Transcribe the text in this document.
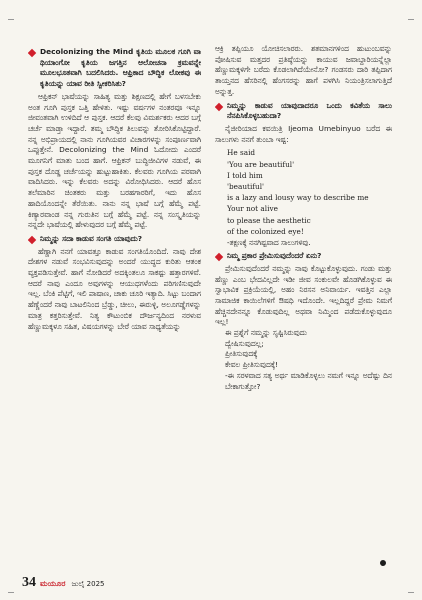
Decolonizing the Mind ಕೃತಿಯ ಮೂಲಕ ಗೂಗಿ ವಾ ಥಿಯಾಂಗೋ ಕೃತಿಯ ಜಗತ್ತಿನ ಆಲೋಚನಾ ಕ್ರಮವನ್ನೇ ಮೂಲಭೂತವಾಗಿ ಬದಲಿಸಿದರು. ಆಫ್ರಿಕಾದ ಬೌದ್ಧಿಕ ಲೋಕವು ಈ ಕೃತಿಯನ್ನು ಯಾವ ರೀತಿ ಸ್ವೀಕರಿಸಿತು?

ಆಫ್ರಿಕನ್ ಭಾಷೆಯನ್ನು ಸಾಹಿತ್ಯ ಮತ್ತು ಶಿಕ್ಷಣದಲ್ಲಿ ಹೇಗೆ ಬಳಸಬೇಕು ಅಂತ ಗೂಗಿ ಪುಸ್ತಕ ಒತ್ತಿ ಹೇಳಿತು. ಇಷ್ಟು ವರ್ಷಗಳ ನಂತರವೂ ಇನ್ನೂ ಜೀವಂತವಾಗಿ ಉಳಿದಿದೆ ಆ ಪುಸ್ತಕ. ಆದರೆ ಕೆಲವು ವಿಮರ್ಶಕರು ಆದರ ಬಗ್ಗೆ ಚರ್ಚೆ ಮಾಡ್ತಾ ಇದ್ದಾರೆ. ತಮ್ಮ ಬೌದ್ಧಿಕ ತಿಲುವನ್ನು ತೋರಿಸಿಕೊಟ್ಟಿದ್ದಾರೆ. ನನ್ನ ಅಭಿಪ್ರಾಯದಲ್ಲಿ ನಾನು ಗೂಗಿಯವರ ವಿಚಾರಗಳನ್ನು ಸಂಪೂರ್ಣವಾಗಿ ಒಪ್ಪುತ್ತೇನೆ. Decolonizing the Mind ಓದೋದು ಎಂದರೆ ಮೂಗನಿಗೆ ಮಾತು ಬಂದ ಹಾಗೆ. ಆಫ್ರಿಕನ್ ಬುದ್ಧಿಜೀವಿಗಳ ನಡುವೆ, ಈ ಪುಸ್ತಕ ದೊಡ್ಡ ಚರ್ಚೆಯನ್ನು ಹುಟ್ಟುಹಾಕಿತು. ಕೆಲವರು ಗೂಗಿಯ ಪರವಾಗಿ ವಾದಿಸಿದರು. ಇನ್ನು ಕೆಲವರು ಅದನ್ನು ವಿರೋಧಿಸಿದರು. ಆದರೆ ಹೊಸ ತಲೆಮಾರಿನ ಚಿಂತಕರು ಮತ್ತು ಬರಹಗಾರರಿಗೆ, ಇದು ಹೊಸ ಹಾದಿಯೊಂದನ್ನೇ ತೆರೆಯಿತು. ನಾನು ನನ್ನ ಭಾಷೆ ಬಗ್ಗೆ ಹೆಮ್ಮೆ ಪಟ್ಟೆ. ಕಿಣ್ಯಾರವಾಂಡ ನನ್ನ ಗುರುತಿನ ಬಗ್ಗೆ ಹೆಮ್ಮೆ ಪಟ್ಟೆ. ನನ್ನ ಸಂಸ್ಕೃತಿಯನ್ನು ನನ್ನದೇ ಭಾಷೆಯಲ್ಲಿ ಹೇಳುವುದರ ಬಗ್ಗೆ ಹೆಮ್ಮೆ ಪಟ್ಟೆ.

ನಿಮ್ಮನ್ನು ಸದಾ ಕಾಡುವ ಸಂಗತಿ ಯಾವುದು?

ಹೆಣ್ಣಾಗಿ ನನಗೆ ಯಾವತ್ತೂ ಕಾಡುವ ಸಂಗತಿಯೊಂದಿದೆ. ನಾವು ದೇಶ ದೇಶಗಳ ನಡುವೆ ಸಂಭವಿಸುವುದನ್ನು ಅಂದರೆ ಯುದ್ಧದ ಕುರಿತು ಆತಂಕ ವ್ಯಕ್ತಪಡಿಸುತ್ತೇವೆ. ಹಾಗೆ ನೋಡಿದರೆ ಅದಕ್ಕಿಂತಲೂ ಸಾಕಷ್ಟು ಹತ್ತಾರಗಳಿವೆ. ಆದರೆ ನಾವು ಎಂದೂ ಅವುಗಳನ್ನು ಆಯುಧಗಳೆಂದು ಪರಿಗಣಿಸುವುದೇ ಇಲ್ಲ. ಬೆಂಕಿ ಪೆಟ್ಟಿಗೆ, ಇಲಿ ಪಾಷಾಣ, ಚಾಕು ಚೂರಿ ಇತ್ಯಾದಿ. ಸಿಟ್ಟು ಬಂದಾಗ ಹೆಣ್ಣೆಂದರೆ ನಾವು ಬಾಟಲಿನಿಂದ ಬ್ರೆಡ್ಡು, ಚೀಲು, ಈರುಳ್ಳಿ, ಅಲೂಗಡ್ಡೆಗಳನ್ನು ಮಾತ್ರ ಕತ್ತರಿಸುತ್ತೇವೆ. ನಿತ್ಯ ಕೌಟುಂಬಿಕ ದೌರ್ಜನ್ಯದಿಂದ ನರಳುವ ಹೆಣ್ಣುಮಕ್ಕಳೂ ಸಹಿತ, ವಿಷಯಗಳನ್ನು ಬೇರೆ ಯಾವ ಸಾಧ್ಯತೆಯನ್ನು

ಆಕ್ರಿ ತಪ್ಪಿಯೂ ಯೋಚಿಸಲಾರರು. ಶತಮಾನಗಳಿಂದ ಹುಟುಂಬವನ್ನು ಪೋಷಿಸುವ ಮತ್ತದರ ಪ್ರತಿಷ್ಠೆಯನ್ನು ಕಾಯುವ ಜವಾಬ್ದಾರಿಯನ್ನೆಲ್ಲಾ ಹೆಣ್ಣುಮಕ್ಕಳಿಗೇ ಬರೆದು ಕೊಡಲಾಗಿದೆಯೇನೋ? ಗಂಡಸರು ದಾರಿ ತಪ್ಪಿದಾಗ ತಾಯ್ತನದ ಹೆಸರಿನಲ್ಲಿ ಹೆಂಗಸರನ್ನು ಹಾಗೆ ಪಳಗಿಸಿ ನಿಯಂತ್ರಿಸಲಾಗುತ್ತಿದೆ ಅನ್ನುತ್ತ.

ನಿಮ್ಮನ್ನು ಕಾಡುವ ಯಾವುದಾದರೂ ಒಂದು ಕವಿತೆಯ ಸಾಲು ನೆನಪಿಸಿಕೊಳ್ಳಬಹುದಾ?

ನೈಜೀರಿಯಾದ ಕವಯಿತ್ರಿ Ijeoma Umebinyuo ಬರೆದ ಈ ಸಾಲುಗಳು ನನಗೆ ತುಂಬಾ ಇಷ್ಟ:

He said
'You are beautiful'
I told him
'beautiful'
is a lazy and lousy way to describe me
Your not alive
to please the aesthetic
of the colonized eye!
-ತಕ್ಷಣಕ್ಕೆ ನನಗಿಷ್ಟವಾದ ಸಾಲುಗಳಿವು.
ನಿಮ್ಮ ಪ್ರಕಾರ ಪ್ರೇಮಿಸುವುದೆಂದರೆ ಏನು?

ಪ್ರೇಮಿಸುವುದೆಂದರೆ ನಮ್ಮನ್ನು ನಾವು ಕೊಟ್ಟುಕೊಳ್ಳುವುದು. ಗಂಡು ಮತ್ತು ಹೆಣ್ಣು ಎಂಬ ಭೇದವಿಲ್ಲದೇ ಇಡೀ ಜೀವ ಸಂಕುಲವೇ ಹೊಡಗಿಕೊಳ್ಳುವ ಈ ಸ್ವಾಭಾವಿಕ ಪ್ರಕ್ರಿಯೆಯಲ್ಲಿ, ಅಹಂ ನಿರಸನ ಅನಿವಾರ್ಯ. ಇವತ್ತಿನ ಎಲ್ಲಾ ಸಾಮಾಜಿಕ ಕಾಯಿಲೆಗಳಿಗೆ ಔಷಧಿ ಇದೊಂದೇ. ಇಲ್ಲದಿದ್ದರೆ ಪ್ರೇಮ ನಿಮಗೆ ಹೆಚ್ಚಿನದೇನನ್ನೂ ಕೊಡುವುದಿಲ್ಲ ಅಥವಾ ನಿಮ್ಮಿಂದ ಪಡೆದುಕೊಳ್ಳುವುದೂ ಇಲ್ಲ!

ಈ ಪ್ರಶ್ನೆಗೆ ನಮ್ಮನ್ನು ಸೃಷ್ಟಿಸಿರುವುದು
ದ್ವೇಷಿಸುವುದಲ್ಲ;
ಪ್ರೀತಿಸುವುದಕ್ಕೆ
ಕೇವಲ ಪ್ರೀತಿಸುವುದಕ್ಕೆ!
-ಈ ಸರಳವಾದ ಸತ್ಯ ಅರ್ಥ ಮಾಡಿಕೊಳ್ಳಲು ನಮಗೆ ಇನ್ನೂ ಅದೆಷ್ಟು ದಿನ ಬೇಕಾಗುತ್ತೋ?
34 ಮಯೂರ ಜುಲೈ 2025
